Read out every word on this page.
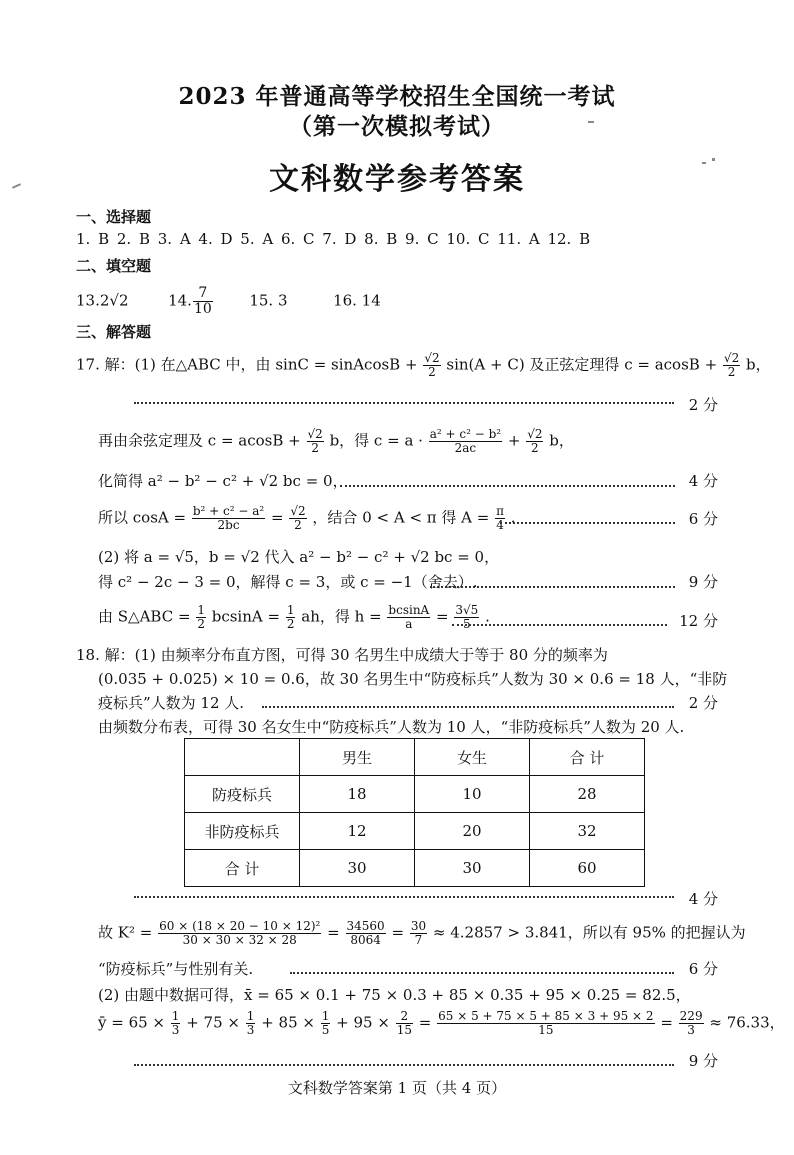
2023 年普通高等学校招生全国统一考试
（第一次模拟考试）
文科数学参考答案
一、选择题
1. B 2. B 3. A 4. D 5. A 6. C 7. D 8. B 9. C 10. C 11. A 12. B
二、填空题
13.2√2	14. $\frac{7}{10} 15$. 3	16. 14
三、解答题
17. 解：(1) 在△ABC 中，由 sinC = sinAcosB + $\frac{√2}{2} \sin(A + C)$ 及正弦定理得 $c = acosB + \frac{√2}{2}$ b，
2 分
再由余弦定理及 $c = acosB + \frac{√2}{2}$ b，得 $c = a \cdot \frac{\text{a² + c² − b²}}{2ac} + \frac{√2}{2}$ b，
化简得 a² − b² − c² + √2 bc = 0，	4 分
所以 $\cos A = \frac{\text{b² + c² − a²}}{2bc} = \frac{√2}{2}$ ，结合 0 < A < π 得 $A = \frac{\pi}{4}$ .	6 分
(2) 将 a = √5，b = √2 代入 a² − b² − c² + √2 bc = 0，
得 c² − 2c − 3 = 0，解得 c = 3，或 c = −1（舍去）.	9 分
由 S△ABC = $\frac{1}{2}$ $bcsinA = \frac{1}{2}$ ah，得 $h = \frac{bcsinA}{a} = \frac{3√5}{5}$ .	12 分
18. 解：(1) 由频率分布直方图，可得 30 名男生中成绩大于等于 80 分的频率为
(0.035 + 0.025) × 10 = 0.6，故 30 名男生中“防疫标兵”人数为 30 × 0.6 = 18 人，“非防
疫标兵”人数为 12 人.	2 分
由频数分布表，可得 30 名女生中“防疫标兵”人数为 10 人，“非防疫标兵”人数为 20 人.
	男生	女生	合 计
防疫标兵	18	10	28
非防疫标兵	12	20	32
合 计	30	30	60
4 分
故 $K^2 = \frac{\text{60 × (18 × 20 − 10 × 12)²}}{30 \times 30 \times 32 \times 28} = \frac{34560}{8064} = \frac{30}{7} \approx 4.2857 > 3.841$，所以有 95% 的把握认为
“防疫标兵”与性别有关.	6 分
(2) 由题中数据可得，x̄ = 65 × 0.1 + 75 × 0.3 + 85 × 0.35 + 95 × 0.25 = 82.5，
ȳ = $65 \times \frac{1}{3} + 75 \times \frac{1}{3} + 85 \times \frac{1}{5} + 95 \times \frac{2}{15} = \frac{65 \times 5 + 75 \times 5 + 85 \times 3 + 95 \times 2}{15} = \frac{229}{3} \approx 76.33$，
9 分
文科数学答案第 1 页（共 4 页）
